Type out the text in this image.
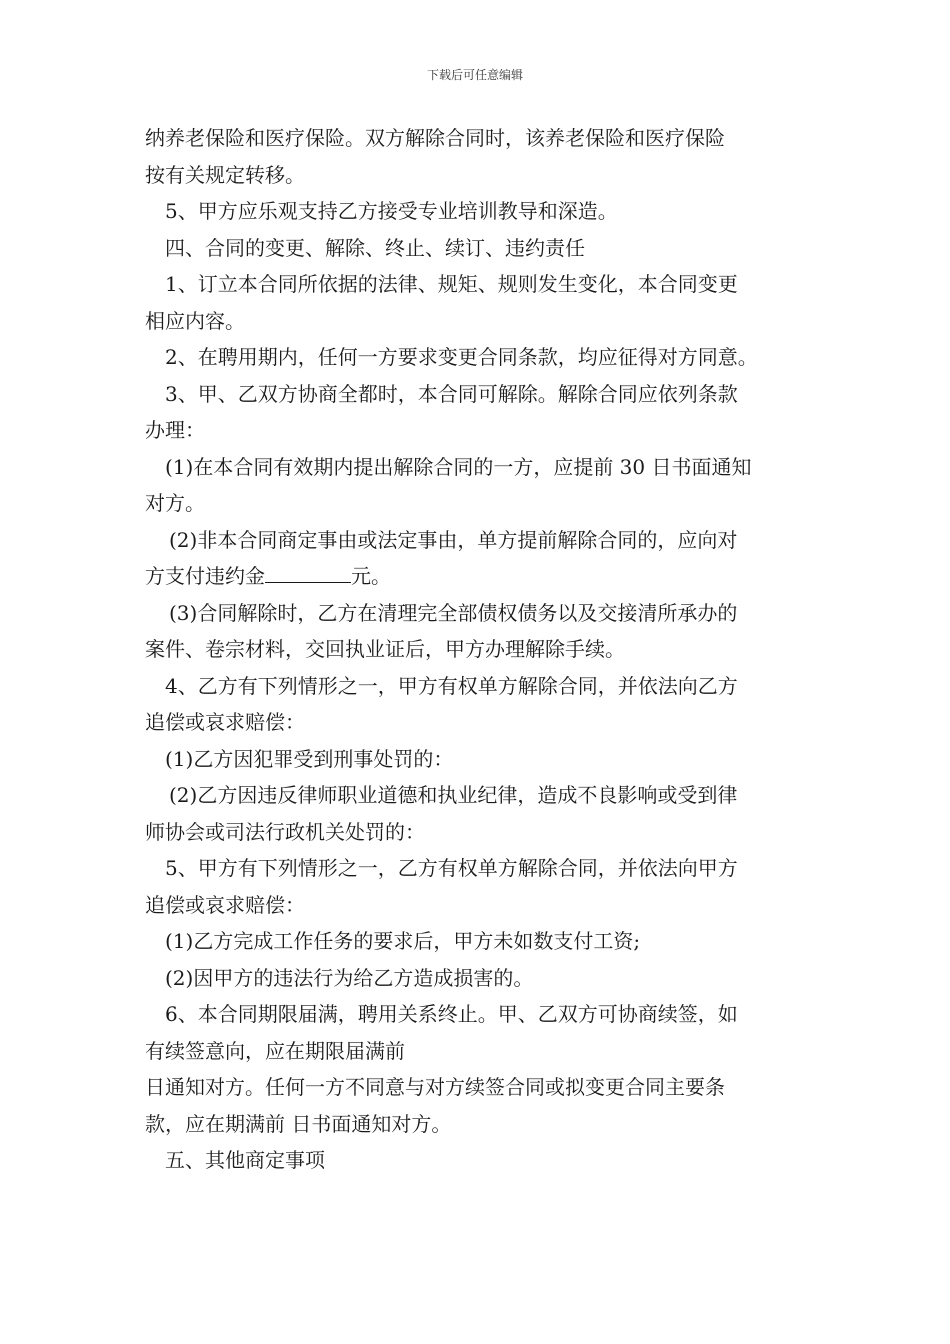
下载后可任意编辑
纳养老保险和医疗保险。双方解除合同时，该养老保险和医疗保险
按有关规定转移。
5、甲方应乐观支持乙方接受专业培训教导和深造。
四、合同的变更、解除、终止、续订、违约责任
1、订立本合同所依据的法律、规矩、规则发生变化，本合同变更
相应内容。
2、在聘用期内，任何一方要求变更合同条款，均应征得对方同意。
3、甲、乙双方协商全都时，本合同可解除。解除合同应依列条款
办理：
(1)在本合同有效期内提出解除合同的一方，应提前 30 日书面通知
对方。
(2)非本合同商定事由或法定事由，单方提前解除合同的，应向对
方支付违约金	元。
(3)合同解除时，乙方在清理完全部债权债务以及交接清所承办的
案件、卷宗材料，交回执业证后，甲方办理解除手续。
4、乙方有下列情形之一，甲方有权单方解除合同，并依法向乙方
追偿或哀求赔偿：
(1)乙方因犯罪受到刑事处罚的：
(2)乙方因违反律师职业道德和执业纪律，造成不良影响或受到律
师协会或司法行政机关处罚的：
5、甲方有下列情形之一，乙方有权单方解除合同，并依法向甲方
追偿或哀求赔偿：
(1)乙方完成工作任务的要求后，甲方未如数支付工资;
(2)因甲方的违法行为给乙方造成损害的。
6、本合同期限届满，聘用关系终止。甲、乙双方可协商续签，如
有续签意向，应在期限届满前
日通知对方。任何一方不同意与对方续签合同或拟变更合同主要条
款，应在期满前 日书面通知对方。
五、其他商定事项
